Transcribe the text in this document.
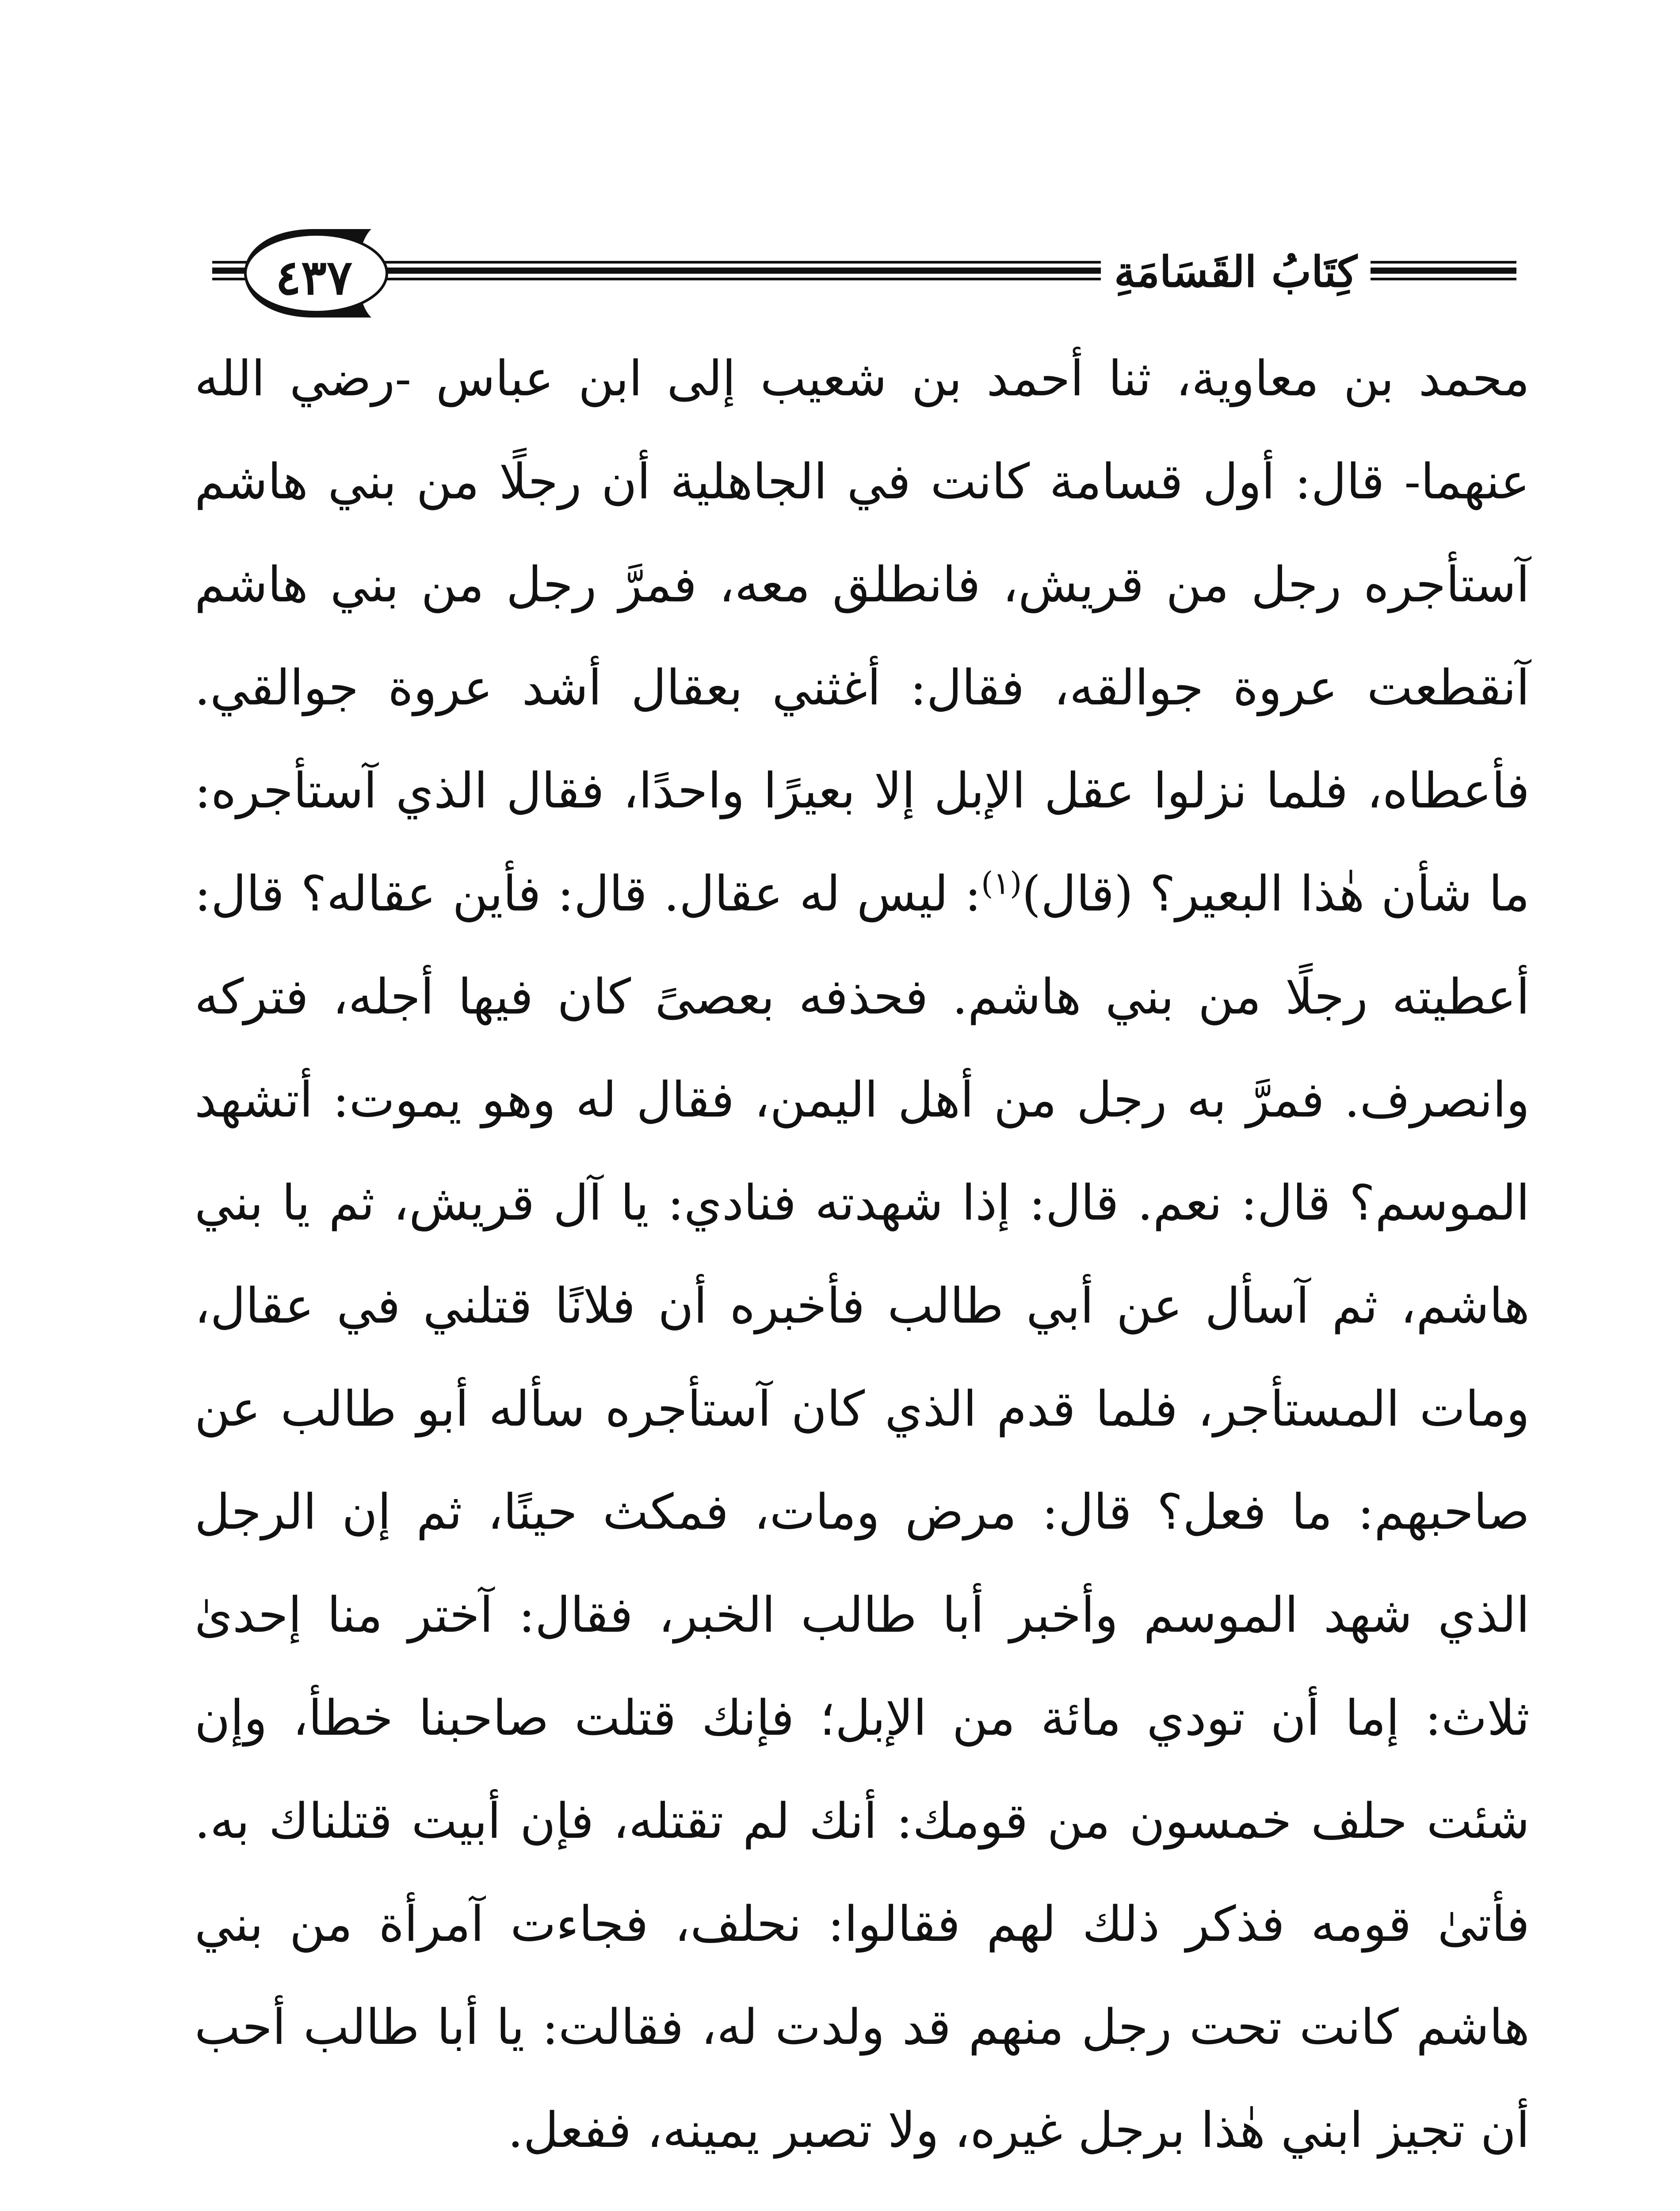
كِتَابُ القَسَامَةِ
٤٣٧

محمد بن معاوية، ثنا أحمد بن شعيب إلى ابن عباس -رضي الله عنهما- قال: أول قسامة كانت في الجاهلية أن رجلًا من بني هاشم آستأجره رجل من قريش، فانطلق معه، فمرَّ رجل من بني هاشم آنقطعت عروة جوالقه، فقال: أغثني بعقال أشد عروة جوالقي. فأعطاه، فلما نزلوا عقل الإبل إلا بعيرًا واحدًا، فقال الذي آستأجره: ما شأن هٰذا البعير؟ (قال)$^{(١)}$: ليس له عقال. قال: فأين عقاله؟ قال: أعطيته رجلًا من بني هاشم. فحذفه بعصىً كان فيها أجله، فتركه وانصرف. فمرَّ به رجل من أهل اليمن، فقال له وهو يموت: أتشهد الموسم؟ قال: نعم. قال: إذا شهدته فنادي: يا آل قريش، ثم يا بني هاشم، ثم آسأل عن أبي طالب فأخبره أن فلانًا قتلني في عقال، ومات المستأجر، فلما قدم الذي كان آستأجره سأله أبو طالب عن صاحبهم: ما فعل؟ قال: مرض ومات، فمكث حينًا، ثم إن الرجل الذي شهد الموسم وأخبر أبا طالب الخبر، فقال: آختر منا إحدىٰ ثلاث: إما أن تودي مائة من الإبل؛ فإنك قتلت صاحبنا خطأ، وإن شئت حلف خمسون من قومك: أنك لم تقتله، فإن أبيت قتلناك به. فأتىٰ قومه فذكر ذلك لهم فقالوا: نحلف، فجاءت آمرأة من بني هاشم كانت تحت رجل منهم قد ولدت له، فقالت: يا أبا طالب أحب أن تجيز ابني هٰذا برجل غيره، ولا تصبر يمينه، ففعل.
